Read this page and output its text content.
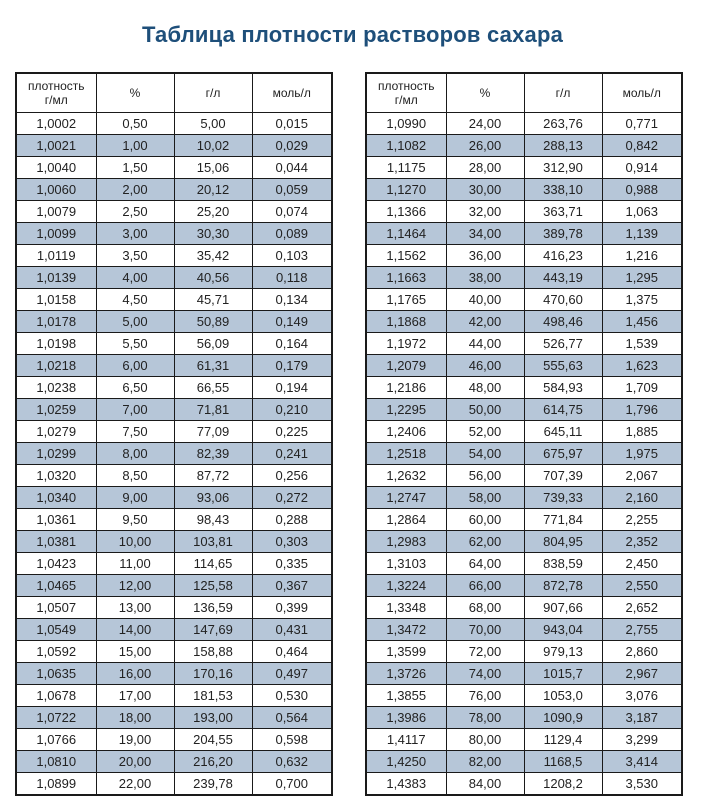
Таблица плотности растворов сахара
плотность
г/мл	%	г/л	моль/л
1,0002	0,50	5,00	0,015
1,0021	1,00	10,02	0,029
1,0040	1,50	15,06	0,044
1,0060	2,00	20,12	0,059
1,0079	2,50	25,20	0,074
1,0099	3,00	30,30	0,089
1,0119	3,50	35,42	0,103
1,0139	4,00	40,56	0,118
1,0158	4,50	45,71	0,134
1,0178	5,00	50,89	0,149
1,0198	5,50	56,09	0,164
1,0218	6,00	61,31	0,179
1,0238	6,50	66,55	0,194
1,0259	7,00	71,81	0,210
1,0279	7,50	77,09	0,225
1,0299	8,00	82,39	0,241
1,0320	8,50	87,72	0,256
1,0340	9,00	93,06	0,272
1,0361	9,50	98,43	0,288
1,0381	10,00	103,81	0,303
1,0423	11,00	114,65	0,335
1,0465	12,00	125,58	0,367
1,0507	13,00	136,59	0,399
1,0549	14,00	147,69	0,431
1,0592	15,00	158,88	0,464
1,0635	16,00	170,16	0,497
1,0678	17,00	181,53	0,530
1,0722	18,00	193,00	0,564
1,0766	19,00	204,55	0,598
1,0810	20,00	216,20	0,632
1,0899	22,00	239,78	0,700
плотность
г/мл	%	г/л	моль/л
1,0990	24,00	263,76	0,771
1,1082	26,00	288,13	0,842
1,1175	28,00	312,90	0,914
1,1270	30,00	338,10	0,988
1,1366	32,00	363,71	1,063
1,1464	34,00	389,78	1,139
1,1562	36,00	416,23	1,216
1,1663	38,00	443,19	1,295
1,1765	40,00	470,60	1,375
1,1868	42,00	498,46	1,456
1,1972	44,00	526,77	1,539
1,2079	46,00	555,63	1,623
1,2186	48,00	584,93	1,709
1,2295	50,00	614,75	1,796
1,2406	52,00	645,11	1,885
1,2518	54,00	675,97	1,975
1,2632	56,00	707,39	2,067
1,2747	58,00	739,33	2,160
1,2864	60,00	771,84	2,255
1,2983	62,00	804,95	2,352
1,3103	64,00	838,59	2,450
1,3224	66,00	872,78	2,550
1,3348	68,00	907,66	2,652
1,3472	70,00	943,04	2,755
1,3599	72,00	979,13	2,860
1,3726	74,00	1015,7	2,967
1,3855	76,00	1053,0	3,076
1,3986	78,00	1090,9	3,187
1,4117	80,00	1129,4	3,299
1,4250	82,00	1168,5	3,414
1,4383	84,00	1208,2	3,530
